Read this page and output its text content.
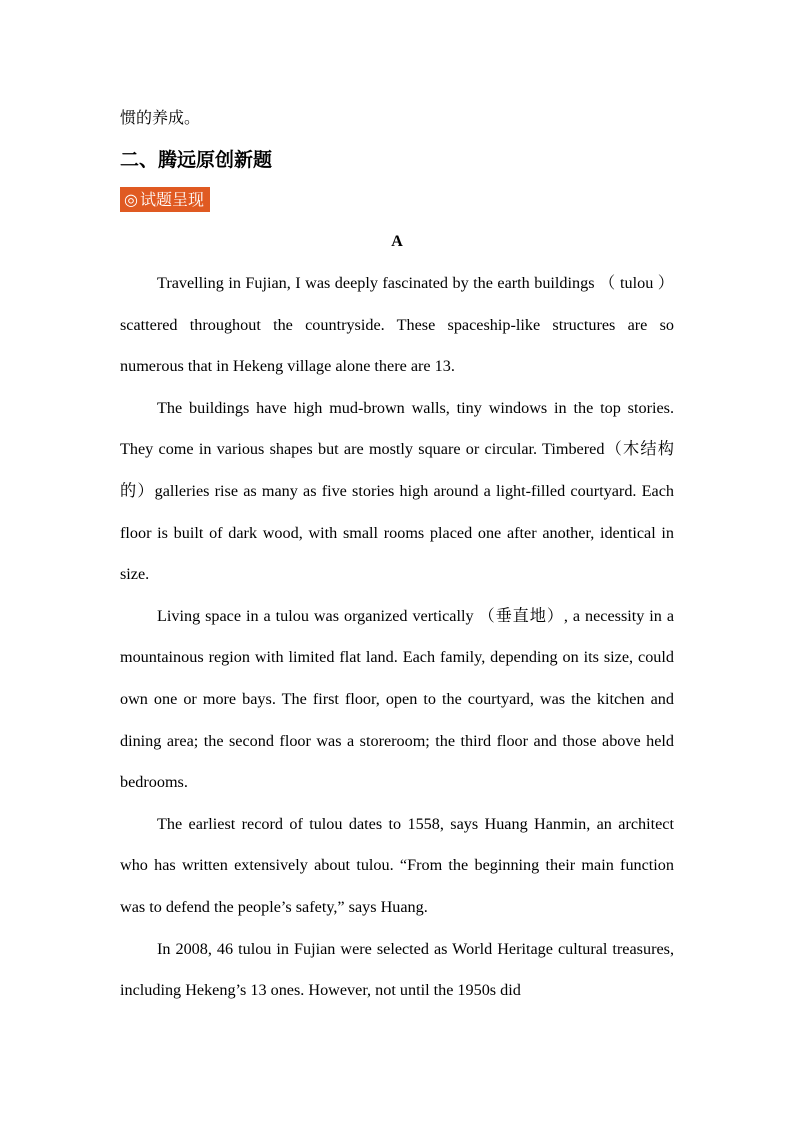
惯的养成。
二、腾远原创新题
◎ 试题呈现
A

Travelling in Fujian, I was deeply fascinated by the earth buildings （ tulou ） scattered throughout the countryside. These spaceship-like structures are so numerous that in Hekeng village alone there are 13.

The buildings have high mud-brown walls, tiny windows in the top stories. They come in various shapes but are mostly square or circular. Timbered（木结构的）galleries rise as many as five stories high around a light-filled courtyard. Each floor is built of dark wood, with small rooms placed one after another, identical in size.

Living space in a tulou was organized vertically （垂直地）, a necessity in a mountainous region with limited flat land. Each family, depending on its size, could own one or more bays. The first floor, open to the courtyard, was the kitchen and dining area; the second floor was a storeroom; the third floor and those above held bedrooms.

The earliest record of tulou dates to 1558, says Huang Hanmin, an architect who has written extensively about tulou. “From the beginning their main function was to defend the people’s safety,” says Huang.

In 2008, 46 tulou in Fujian were selected as World Heritage cultural treasures, including Hekeng’s 13 ones. However, not until the 1950s did
